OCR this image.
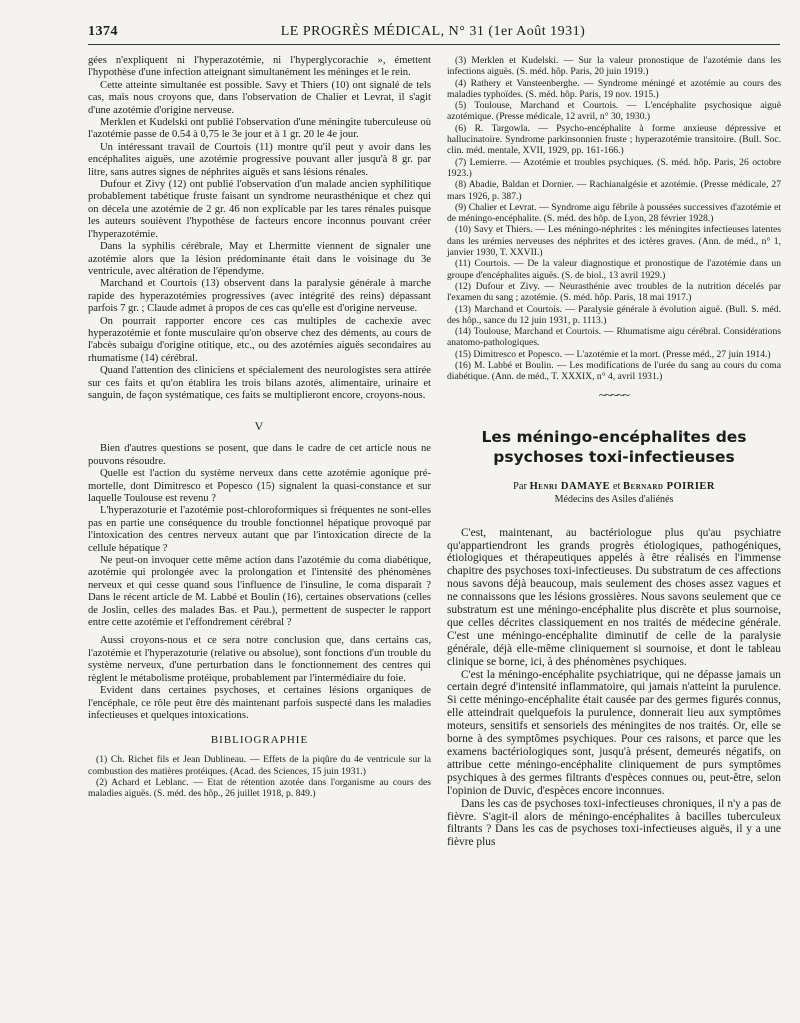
1374	LE PROGRÈS MÉDICAL, N° 31 (1er Août 1931)

gées n'expliquent ni l'hyperazotémie, ni l'hyperglycorachie », émettent l'hypothèse d'une infection atteignant simultanément les méninges et le rein.

Cette atteinte simultanée est possible. Savy et Thiers (10) ont signalé de tels cas, mais nous croyons que, dans l'observation de Chalier et Levrat, il s'agit d'une azotémie d'origine nerveuse.

Merklen et Kudelski ont publié l'observation d'une méningite tuberculeuse où l'azotémie passe de 0.54 à 0,75 le 3e jour et à 1 gr. 20 le 4e jour.

Un intéressant travail de Courtois (11) montre qu'il peut y avoir dans les encéphalites aiguës, une azotémie progressive pouvant aller jusqu'à 8 gr. par litre, sans autres signes de néphrites aiguës et sans lésions rénales.

Dufour et Zivy (12) ont publié l'observation d'un malade ancien syphilitique probablement tabétique fruste faisant un syndrome neurasthénique et chez qui on décela une azotémie de 2 gr. 46 non explicable par les tares rénales puisque les auteurs souièvent l'hypothèse de facteurs encore inconnus pouvant créer l'hyperazotémie.

Dans la syphilis cérébrale, May et Lhermitte viennent de signaler une azotémie alors que la lésion prédominante était dans le voisinage du 3e ventricule, avec altération de l'épendyme.

Marchand et Courtois (13) observent dans la paralysie générale à marche rapide des hyperazotémies progressives (avec intégrité des reins) dépassant parfois 7 gr. ; Claude admet à propos de ces cas qu'elle est d'origine nerveuse.

On pourrait rapporter encore ces cas multiples de cachexie avec hyperazotémie et fonte musculaire qu'on observe chez des déments, au cours de l'abcès subaigu d'origine otitique, etc., ou des azotémies aiguës secondaires au rhumatisme (14) cérébral.

Quand l'attention des cliniciens et spécialement des neurologistes sera attirée sur ces faits et qu'on établira les trois bilans azotés, alimentaire, urinaire et sanguin, de façon systématique, ces faits se multiplieront encore, croyons-nous.

V

Bien d'autres questions se posent, que dans le cadre de cet article nous ne pouvons résoudre.

Quelle est l'action du système nerveux dans cette azotémie agonique pré-mortelle, dont Dimitresco et Popesco (15) signalent la quasi-constance et sur laquelle Toulouse est revenu ?

L'hyperazoturie et l'azotémie post-chloroformiques si fréquentes ne sont-elles pas en partie une conséquence du trouble fonctionnel hépatique provoqué par l'intoxication des centres nerveux autant que par l'intoxication directe de la cellule hépatique ?

Ne peut-on invoquer cette même action dans l'azotémie du coma diabétique, azotémie qui prolongée avec la prolongation et l'intensité des phénomènes nerveux et qui cesse quand sous l'influence de l'insuline, le coma disparaît ? Dans le récent article de M. Labbé et Boulin (16), certaines observations (celles de Joslin, celles des malades Bas. et Pau.), permettent de suspecter le rapport entre cette azotémie et l'effondrement cérébral ?

Aussi croyons-nous et ce sera notre conclusion que, dans certains cas, l'azotémie et l'hyperazoturie (relative ou absolue), sont fonctions d'un trouble du système nerveux, d'une perturbation dans le fonctionnement des centres qui règlent le métabolisme protéique, probablement par l'intermédiaire du foie.

Evident dans certaines psychoses, et certaines lésions organiques de l'encéphale, ce rôle peut être dès maintenant parfois suspecté dans les maladies infectieuses et quelques intoxications.

BIBLIOGRAPHIE

(1) Ch. Richet fils et Jean Dublineau. — Effets de la piqûre du 4e ventricule sur la combustion des matières protéiques. (Acad. des Sciences, 15 juin 1931.)

(2) Achard et Leblanc. — Etat de rétention azotée dans l'organisme au cours des maladies aiguës. (S. méd. des hôp., 26 juillet 1918, p. 849.)

(3) Merklen et Kudelski. — Sur la valeur pronostique de l'azotémie dans les infections aiguës. (S. méd. hôp. Paris, 20 juin 1919.)

(4) Rathery et Vansteenberghe. — Syndrome méningé et azotémie au cours des maladies typhoïdes. (S. méd. hôp. Paris, 19 nov. 1915.)

(5) Toulouse, Marchand et Courtois. — L'encéphalite psychosique aiguë azotémique. (Presse médicale, 12 avril, n° 30, 1930.)

(6) R. Targowla. — Psycho-encéphalite à forme anxieuse dépressive et hallucinatoire. Syndrome parkinsonnien fruste ; hyperazotémie transitoire. (Bull. Soc. clin. méd. mentale, XVII, 1929, pp. 161-166.)

(7) Lemierre. — Azotémie et troubles psychiques. (S. méd. hôp. Paris, 26 octobre 1923.)

(8) Abadie, Baldan et Dornier. — Rachianalgésie et azotémie. (Presse médicale, 27 mars 1926, p. 387.)

(9) Chalier et Levrat. — Syndrome aigu fébrile à poussées successives d'azotémie et de méningo-encéphalite. (S. méd. des hôp. de Lyon, 28 février 1928.)

(10) Savy et Thiers. — Les méningo-néphrites : les méningites infectieuses latentes dans les urémies nerveuses des néphrites et des ictères graves. (Ann. de méd., n° 1, janvier 1930, T. XXVII.)

(11) Courtois. — De la valeur diagnostique et pronostique de l'azotémie dans un groupe d'encéphalites aiguës. (S. de biol., 13 avril 1929.)

(12) Dufour et Zivy. — Neurasthénie avec troubles de la nutrition décelés par l'examen du sang ; azotémie. (S. méd. hôp. Paris, 18 mai 1917.)

(13) Marchand et Courtois. — Paralysie générale à évolution aiguë. (Bull. S. méd. des hôp., sance du 12 juin 1931, p. 1113.)

(14) Toulouse, Marchand et Courtois. — Rhumatisme aigu cérébral. Considérations anatomo-pathologiques.

(15) Dimitresco et Popesco. — L'azotémie et la mort. (Presse méd., 27 juin 1914.)

(16) M. Labbé et Boulin. — Les modifications de l'urée du sang au cours du coma diabétique. (Ann. de méd., T. XXXIX, n° 4, avril 1931.)

~~~~~
Les méningo-encéphalites des psychoses toxi-infectieuses

Par Henri DAMAYE et Bernard POIRIER

Médecins des Asiles d'aliénés

C'est, maintenant, au bactériologue plus qu'au psychiatre qu'appartiendront les grands progrès étiologiques, pathogéniques, étiologiques et thérapeutiques appelés à être réalisés en l'immense chapitre des psychoses toxi-infectieuses. Du substratum de ces affections nous savons déjà beaucoup, mais seulement des choses assez vagues et ne connaissons que les lésions grossières. Nous savons seulement que ce substratum est une méningo-encéphalite plus discrète et plus sournoise, que celles décrites classiquement en nos traités de médecine générale. C'est une méningo-encéphalite diminutif de celle de la paralysie générale, déjà elle-même cliniquement si sournoise, et dont le tableau clinique se borne, ici, à des phénomènes psychiques.

C'est la méningo-encéphalite psychiatrique, qui ne dépasse jamais un certain degré d'intensité inflammatoire, qui jamais n'atteint la purulence. Si cette méningo-encéphalite était causée par des germes figurés connus, elle atteindrait quelquefois la purulence, donnerait lieu aux symptômes moteurs, sensitifs et sensoriels des méningites de nos traités. Or, elle se borne à des symptômes psychiques. Pour ces raisons, et parce que les examens bactériologiques sont, jusqu'à présent, demeurés négatifs, on attribue cette méningo-encéphalite cliniquement de purs symptômes psychiques à des germes filtrants d'espèces connues ou, peut-être, selon l'opinion de Duvic, d'espèces encore inconnues.

Dans les cas de psychoses toxi-infectieuses chroniques, il n'y a pas de fièvre. S'agit-il alors de méningo-encéphalites à bacilles tuberculeux filtrants ? Dans les cas de psychoses toxi-infectieuses aiguës, il y a une fièvre plus
